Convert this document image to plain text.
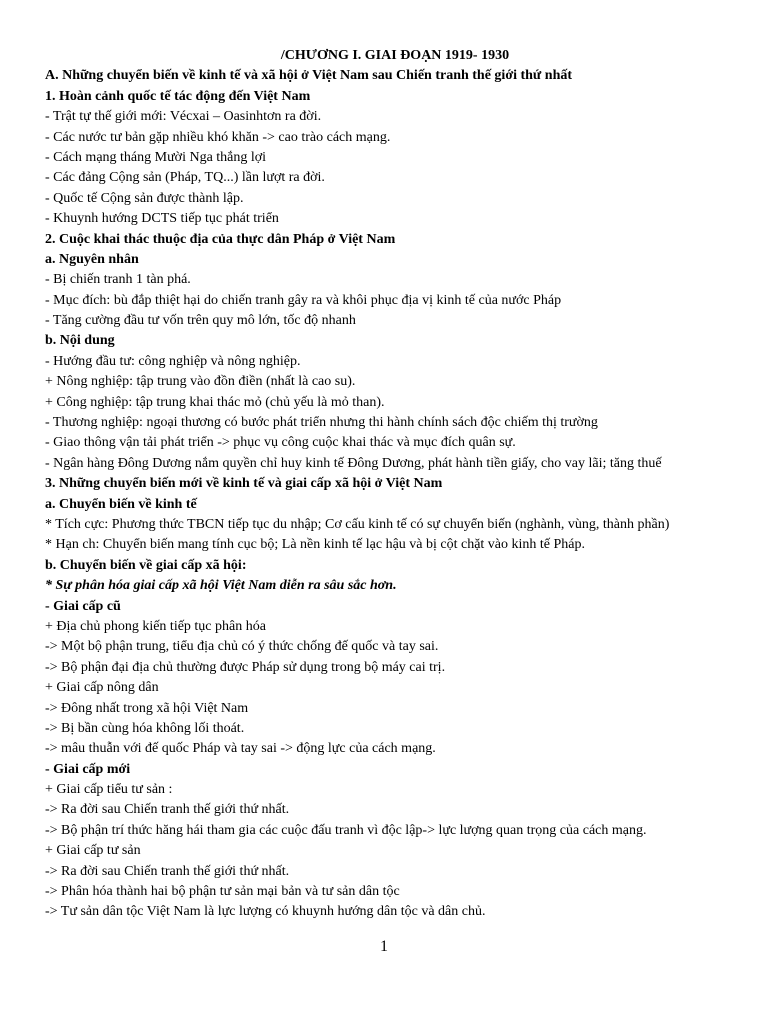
/CHƯƠNG I. GIAI ĐOẠN 1919- 1930
A. Những chuyển biến về kinh tế và xã hội ở Việt Nam sau Chiến tranh thế giới thứ nhất
1. Hoàn cảnh quốc tế tác động đến Việt Nam
- Trật tự thế giới mới: Vécxai – Oasinhtơn ra đời.
- Các nước tư bản gặp nhiều khó khăn -> cao trào cách mạng.
- Cách mạng tháng Mười Nga thắng lợi
- Các đảng Cộng sản (Pháp, TQ...) lần lượt ra đời.
- Quốc tế Cộng sản được thành lập.
- Khuynh hướng DCTS tiếp tục phát triển
2. Cuộc khai thác thuộc địa của thực dân Pháp ở Việt Nam
a. Nguyên nhân
- Bị chiến tranh 1 tàn phá.
- Mục đích: bù đắp thiệt hại do chiến tranh gây ra và khôi phục địa vị kinh tế của nước Pháp
- Tăng cường đầu tư vốn trên quy mô lớn, tốc độ nhanh
b. Nội dung
- Hướng đầu tư: công nghiệp và nông nghiệp.
+ Nông nghiệp: tập trung vào đồn điền (nhất là cao su).
+ Công nghiệp: tập trung khai thác mỏ (chủ yếu là mỏ than).
- Thương nghiệp: ngoại thương có bước phát triển nhưng thi hành chính sách độc chiếm thị trường
- Giao thông vận tải phát triển -> phục vụ công cuộc khai thác và mục đích quân sự.
- Ngân hàng Đông Dương nắm quyền chỉ huy kinh tế Đông Dương, phát hành tiền giấy, cho vay lãi; tăng thuế
3. Những chuyển biến mới về kinh tế và giai cấp xã hội ở Việt Nam
a. Chuyển biến về kinh tế
* Tích cực: Phương thức TBCN tiếp tục du nhập; Cơ cấu kinh tế có sự chuyển biến (nghành, vùng, thành phần)
* Hạn ch: Chuyển biến mang tính cục bộ; Là nền kinh tế lạc hậu và bị cột chặt vào kinh tế Pháp.
b. Chuyển biến về giai cấp xã hội:
* Sự phân hóa giai cấp xã hội Việt Nam diễn ra sâu sắc hơn.
- Giai cấp cũ
+ Địa chủ phong kiến tiếp tục phân hóa
-> Một bộ phận trung, tiểu địa chủ có ý thức chống đế quốc và tay sai.
-> Bộ phận đại địa chủ thường được Pháp sử dụng trong bộ máy cai trị.
+ Giai cấp nông dân
-> Đông nhất trong xã hội Việt Nam
-> Bị bần cùng hóa không lối thoát.
-> mâu thuẫn với đế quốc Pháp và tay sai -> động lực của cách mạng.
- Giai cấp mới
+ Giai cấp tiểu tư sản :
-> Ra đời sau Chiến tranh thế giới thứ nhất.
-> Bộ phận trí thức hăng hái tham gia các cuộc đấu tranh vì độc lập-> lực lượng quan trọng của cách mạng.
+ Giai cấp tư sản
-> Ra đời sau Chiến tranh thế giới thứ nhất.
-> Phân hóa thành hai bộ phận tư sản mại bản và tư sản dân tộc
-> Tư sản dân tộc Việt Nam là lực lượng có khuynh hướng dân tộc và dân chủ.
1
